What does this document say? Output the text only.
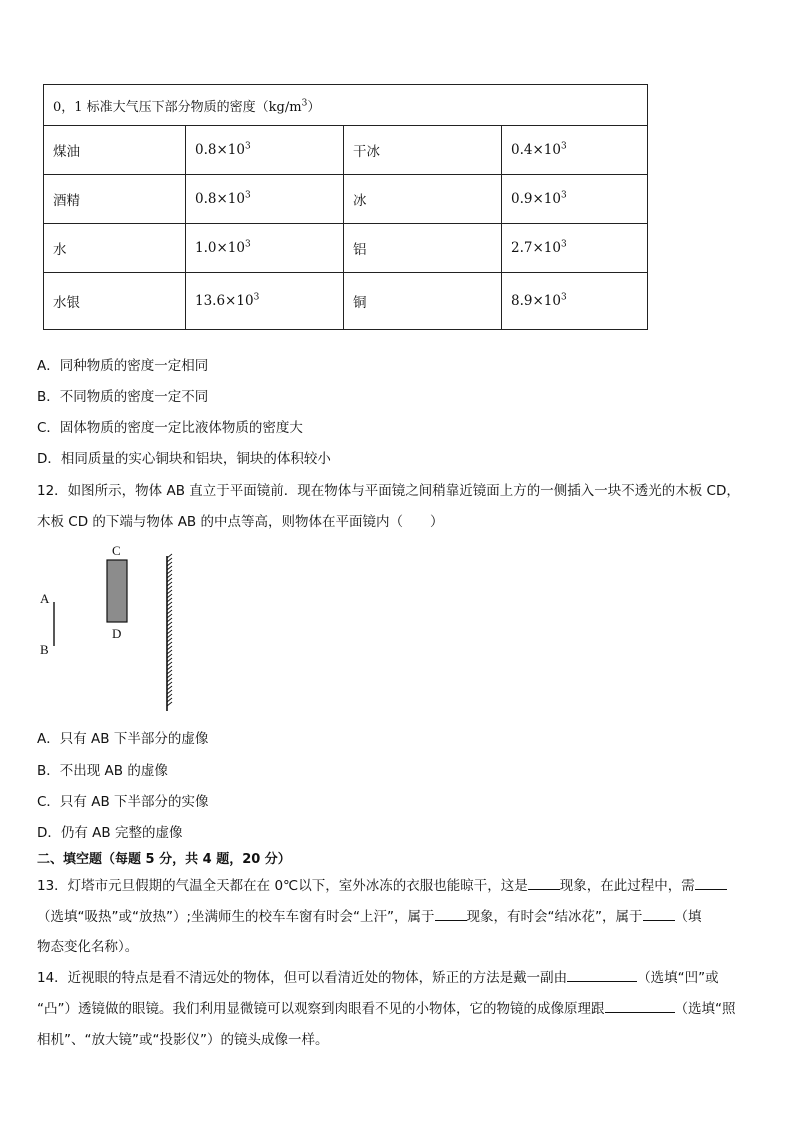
0，1 标准大气压下部分物质的密度$(kg/m^3)$			
煤油	$0.8\times 10^3$	干冰	$0.4\times 10^3$
酒精	$0.8\times 10^3$	冰	$0.9\times 10^3$
水	$1.0\times 10^3$	铝	$2.7\times 10^3$
水银	$13.6\times 10^3$	铜	$8.9\times 10^3$
A．同种物质的密度一定相同
B．不同物质的密度一定不同
C．固体物质的密度一定比液体物质的密度大
D．相同质量的实心铜块和铝块，铜块的体积较小
12．如图所示，物体 AB 直立于平面镜前．现在物体与平面镜之间稍靠近镜面上方的一侧插入一块不透光的木板 CD，
木板 CD 的下端与物体 AB 的中点等高，则物体在平面镜内（　　）
A
B
C
D
A．只有 AB 下半部分的虚像
B．不出现 AB 的虚像
C．只有 AB 下半部分的实像
D．仍有 AB 完整的虚像
二、填空题（每题 5 分，共 4 题，20 分）
13．灯塔市元旦假期的气温全天都在在 0℃以下，室外冰冻的衣服也能晾干，这是 现象，在此过程中，需
（选填“吸热”或“放热”）;坐满师生的校车车窗有时会“上汗”，属于 现象，有时会“结冰花”，属于 （填
物态变化名称）。
14．近视眼的特点是看不清远处的物体，但可以看清近处的物体，矫正的方法是戴一副由	（选填“凹”或
“凸”）透镜做的眼镜。我们利用显微镜可以观察到肉眼看不见的小物体，它的物镜的成像原理跟	（选填“照
相机”、“放大镜”或“投影仪”）的镜头成像一样。
